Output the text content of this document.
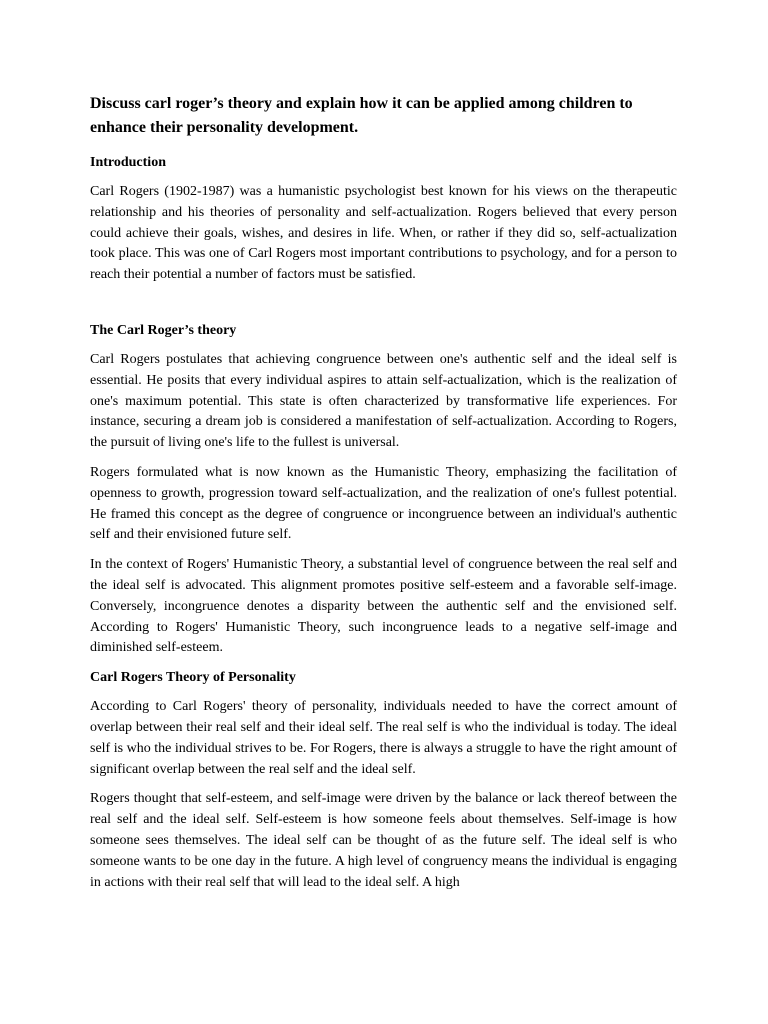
Discuss carl roger’s theory and explain how it can be applied among children to enhance their personality development.
Introduction

Carl Rogers (1902-1987) was a humanistic psychologist best known for his views on the therapeutic relationship and his theories of personality and self-actualization. Rogers believed that every person could achieve their goals, wishes, and desires in life. When, or rather if they did so, self-actualization took place. This was one of Carl Rogers most important contributions to psychology, and for a person to reach their potential a number of factors must be satisfied.

The Carl Roger’s theory

Carl Rogers postulates that achieving congruence between one's authentic self and the ideal self is essential. He posits that every individual aspires to attain self-actualization, which is the realization of one's maximum potential. This state is often characterized by transformative life experiences. For instance, securing a dream job is considered a manifestation of self-actualization. According to Rogers, the pursuit of living one's life to the fullest is universal.

Rogers formulated what is now known as the Humanistic Theory, emphasizing the facilitation of openness to growth, progression toward self-actualization, and the realization of one's fullest potential. He framed this concept as the degree of congruence or incongruence between an individual's authentic self and their envisioned future self.

In the context of Rogers' Humanistic Theory, a substantial level of congruence between the real self and the ideal self is advocated. This alignment promotes positive self-esteem and a favorable self-image. Conversely, incongruence denotes a disparity between the authentic self and the envisioned self. According to Rogers' Humanistic Theory, such incongruence leads to a negative self-image and diminished self-esteem.

Carl Rogers Theory of Personality

According to Carl Rogers' theory of personality, individuals needed to have the correct amount of overlap between their real self and their ideal self. The real self is who the individual is today. The ideal self is who the individual strives to be. For Rogers, there is always a struggle to have the right amount of significant overlap between the real self and the ideal self.

Rogers thought that self-esteem, and self-image were driven by the balance or lack thereof between the real self and the ideal self. Self-esteem is how someone feels about themselves. Self-image is how someone sees themselves. The ideal self can be thought of as the future self. The ideal self is who someone wants to be one day in the future. A high level of congruency means the individual is engaging in actions with their real self that will lead to the ideal self. A high
